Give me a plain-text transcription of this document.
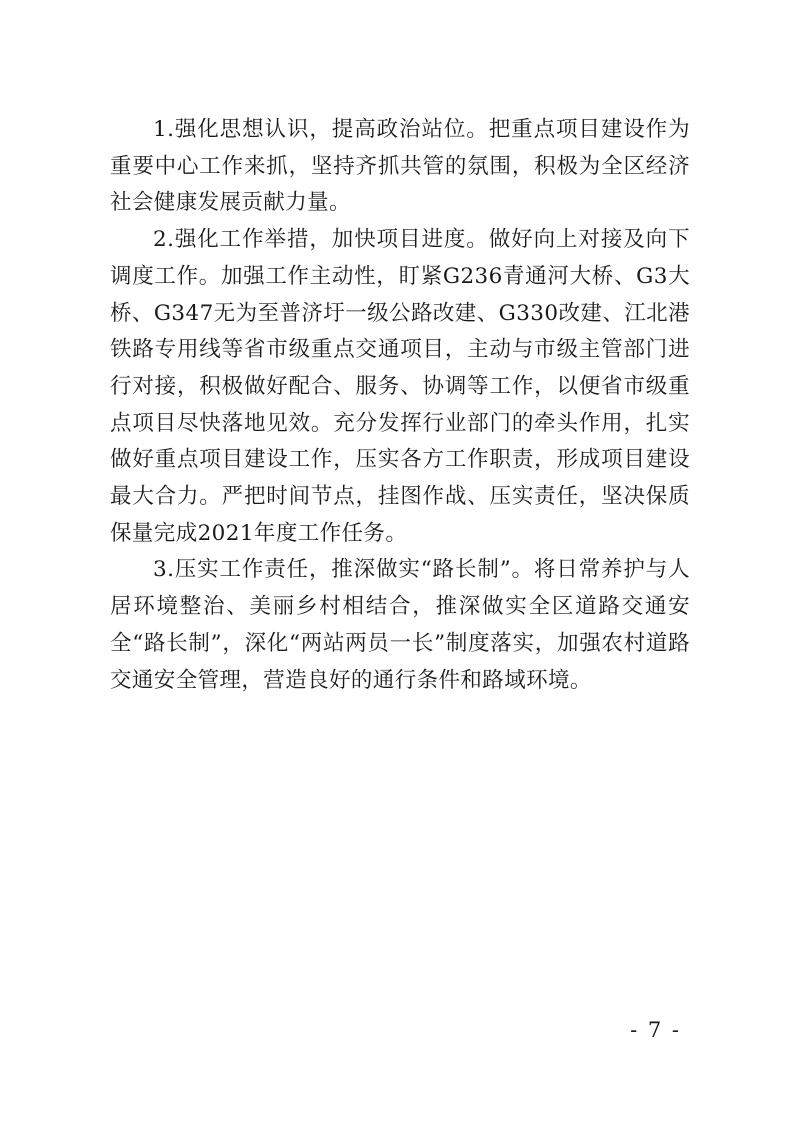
1.强化思想认识，提高政治站位。把重点项目建设作为重要中心工作来抓，坚持齐抓共管的氛围，积极为全区经济社会健康发展贡献力量。

2.强化工作举措，加快项目进度。做好向上对接及向下调度工作。加强工作主动性，盯紧G236青通河大桥、G3大桥、G347无为至普济圩一级公路改建、G330改建、江北港铁路专用线等省市级重点交通项目，主动与市级主管部门进行对接，积极做好配合、服务、协调等工作，以便省市级重点项目尽快落地见效。充分发挥行业部门的牵头作用，扎实做好重点项目建设工作，压实各方工作职责，形成项目建设最大合力。严把时间节点，挂图作战、压实责任，坚决保质保量完成2021年度工作任务。

3.压实工作责任，推深做实“路长制”。将日常养护与人居环境整治、美丽乡村相结合，推深做实全区道路交通安全“路长制”，深化“两站两员一长”制度落实，加强农村道路交通安全管理，营造良好的通行条件和路域环境。

- 7 -
